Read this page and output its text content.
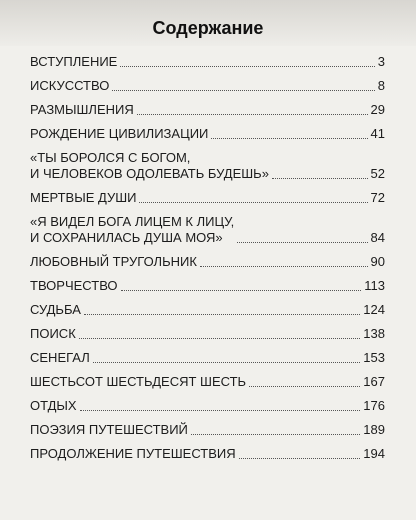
Содержание
ВСТУПЛЕНИЕ	3
ИСКУССТВО	8
РАЗМЫШЛЕНИЯ	29
РОЖДЕНИЕ ЦИВИЛИЗАЦИИ	41
«ТЫ БОРОЛСЯ С БОГОМ,
И ЧЕЛОВЕКОВ ОДОЛЕВАТЬ БУДЕШЬ»	52
МЕРТВЫЕ ДУШИ	72
«Я ВИДЕЛ БОГА ЛИЦЕМ К ЛИЦУ,
И СОХРАНИЛАСЬ ДУША МОЯ»	84
ЛЮБОВНЫЙ ТРУГОЛЬНИК	90
ТВОРЧЕСТВО	113
СУДЬБА	124
ПОИСК	138
СЕНЕГАЛ	153
ШЕСТЬСОТ ШЕСТЬДЕСЯТ ШЕСТЬ	167
ОТДЫХ	176
ПОЭЗИЯ ПУТЕШЕСТВИЙ	189
ПРОДОЛЖЕНИЕ ПУТЕШЕСТВИЯ	194
